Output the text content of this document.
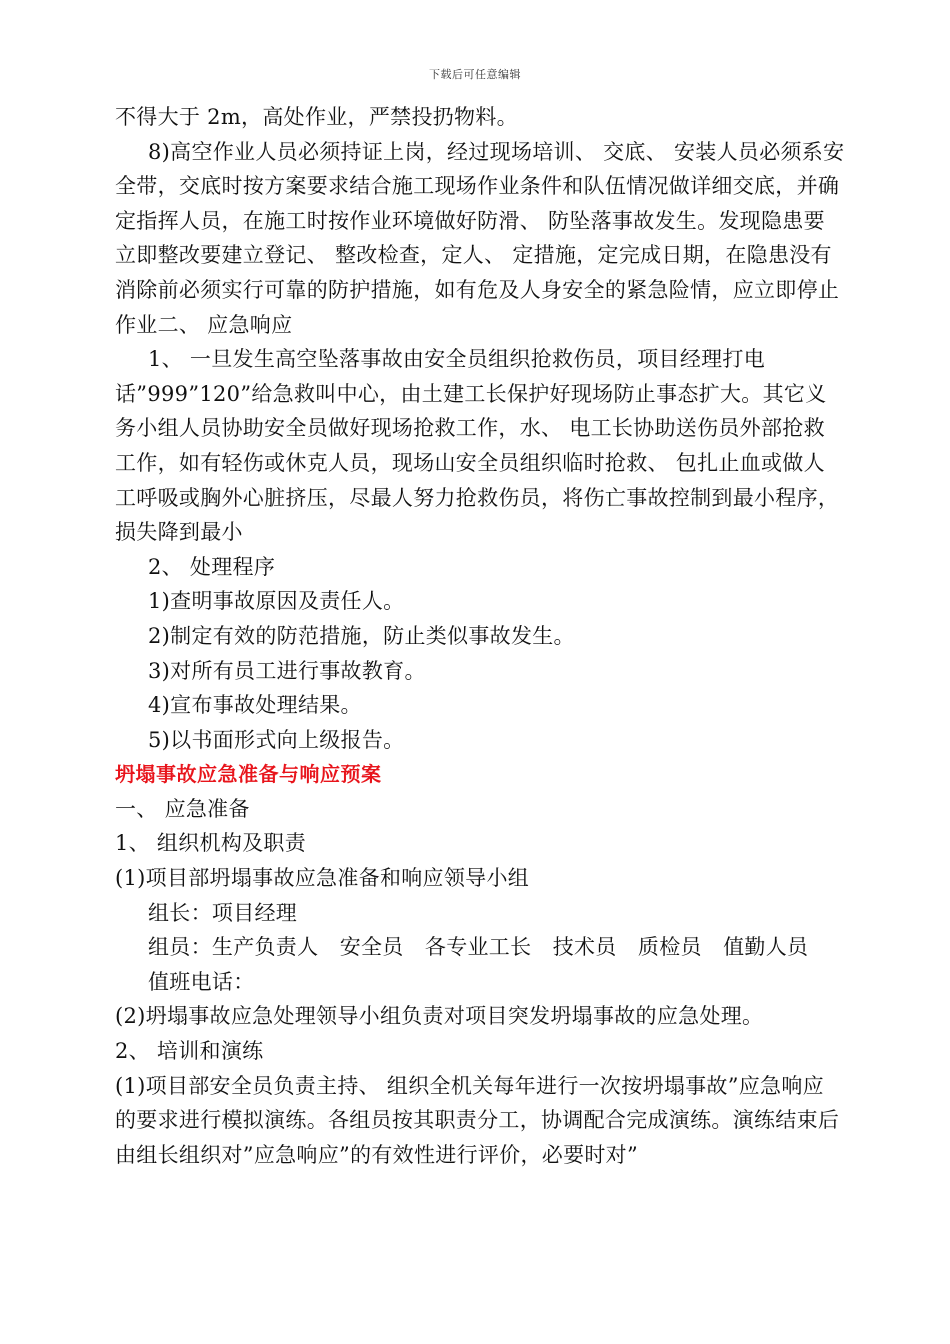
下载后可任意编辑

不得大于 2m，高处作业，严禁投扔物料。

8)高空作业人员必须持证上岗，经过现场培训、 交底、 安装人员必须系安全带，交底时按方案要求结合施工现场作业条件和队伍情况做详细交底，并确定指挥人员，在施工时按作业环境做好防滑、 防坠落事故发生。发现隐患要立即整改要建立登记、 整改检查，定人、 定措施，定完成日期，在隐患没有消除前必须实行可靠的防护措施，如有危及人身安全的紧急险情，应立即停止作业二、 应急响应

1、 一旦发生高空坠落事故由安全员组织抢救伤员，项目经理打电话”999”120”给急救叫中心，由土建工长保护好现场防止事态扩大。其它义务小组人员协助安全员做好现场抢救工作，水、 电工长协助送伤员外部抢救工作，如有轻伤或休克人员，现场山安全员组织临时抢救、 包扎止血或做人工呼吸或胸外心脏挤压，尽最人努力抢救伤员，将伤亡事故控制到最小程序，损失降到最小

2、 处理程序

1)查明事故原因及责任人。

2)制定有效的防范措施，防止类似事故发生。

3)对所有员工进行事故教育。

4)宣布事故处理结果。

5)以书面形式向上级报告。

坍塌事故应急准备与响应预案

一、 应急准备

1、 组织机构及职责

(1)项目部坍塌事故应急准备和响应领导小组

组长：项目经理

组员：生产负责人　安全员　各专业工长　技术员　质检员　值勤人员

值班电话：

(2)坍塌事故应急处理领导小组负责对项目突发坍塌事故的应急处理。

2、 培训和演练

(1)项目部安全员负责主持、 组织全机关每年进行一次按坍塌事故”应急响应的要求进行模拟演练。各组员按其职责分工，协调配合完成演练。演练结束后由组长组织对”应急响应”的有效性进行评价，必要时对”
